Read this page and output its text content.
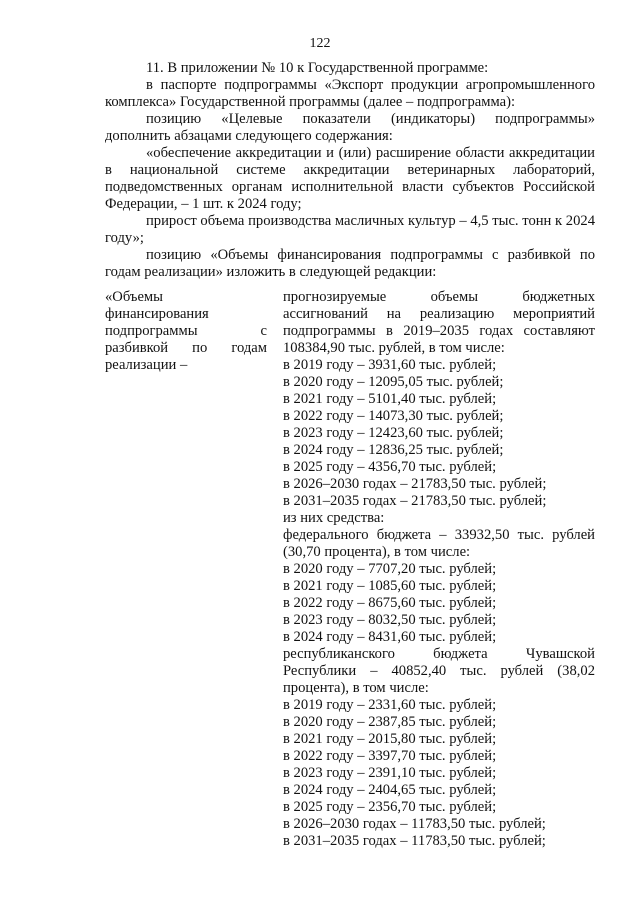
122

11. В приложении № 10 к Государственной программе:

в паспорте подпрограммы «Экспорт продукции агропромышленного комплекса» Государственной программы (далее – подпрограмма):

позицию «Целевые показатели (индикаторы) подпрограммы» дополнить абзацами следующего содержания:

«обеспечение аккредитации и (или) расширение области аккредитации в национальной системе аккредитации ветеринарных лабораторий, подведомственных органам исполнительной власти субъектов Российской Федерации, – 1 шт. к 2024 году;

прирост объема производства масличных культур – 4,5 тыс. тонн к 2024 году»;

позицию «Объемы финансирования подпрограммы с разбивкой по годам реализации» изложить в следующей редакции:

«Объемы финансирования подпрограммы с разбивкой по годам реализации –
прогнозируемые объемы бюджетных ассигнований на реализацию мероприятий подпрограммы в 2019–2035 годах составляют 108384,90 тыс. рублей, в том числе:
в 2019 году – 3931,60 тыс. рублей;
в 2020 году – 12095,05 тыс. рублей;
в 2021 году – 5101,40 тыс. рублей;
в 2022 году – 14073,30 тыс. рублей;
в 2023 году – 12423,60 тыс. рублей;
в 2024 году – 12836,25 тыс. рублей;
в 2025 году – 4356,70 тыс. рублей;
в 2026–2030 годах – 21783,50 тыс. рублей;
в 2031–2035 годах – 21783,50 тыс. рублей;
из них средства:
федерального бюджета – 33932,50 тыс. рублей (30,70 процента), в том числе:
в 2020 году – 7707,20 тыс. рублей;
в 2021 году – 1085,60 тыс. рублей;
в 2022 году – 8675,60 тыс. рублей;
в 2023 году – 8032,50 тыс. рублей;
в 2024 году – 8431,60 тыс. рублей;
республиканского бюджета Чувашской Республики – 40852,40 тыс. рублей (38,02 процента), в том числе:
в 2019 году – 2331,60 тыс. рублей;
в 2020 году – 2387,85 тыс. рублей;
в 2021 году – 2015,80 тыс. рублей;
в 2022 году – 3397,70 тыс. рублей;
в 2023 году – 2391,10 тыс. рублей;
в 2024 году – 2404,65 тыс. рублей;
в 2025 году – 2356,70 тыс. рублей;
в 2026–2030 годах – 11783,50 тыс. рублей;
в 2031–2035 годах – 11783,50 тыс. рублей;
